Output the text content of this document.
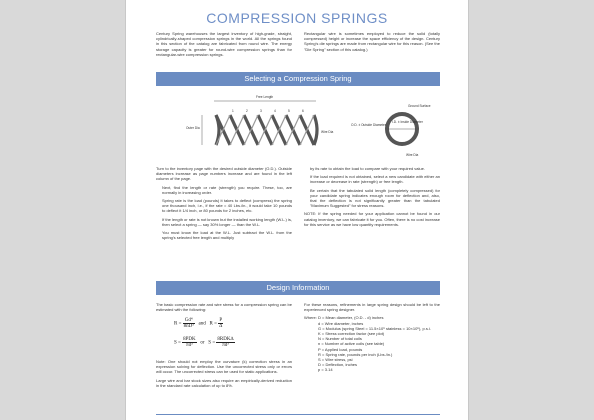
COMPRESSION SPRINGS

Century Spring warehouses the largest inventory of high-grade, straight, cylindrically-shaped compression springs in the world. All the springs found in this section of the catalog are fabricated from round wire. The energy storage capacity is greater for round-wire compression springs than for rectangular-wire compression springs.

Rectangular wire is sometimes employed to reduce the solid (totally compressed) height or increase the space efficiency of the design. Century Spring's die springs are made from rectangular wire for this reason. (See the "Die Spring" section of this catalog.)

Selecting a Compression Spring
Free Length
Outer Dia
1	2	3	4	5	6
Wire Dia
O.D. ± Outside Diameter
I.D. ± Inside Diameter
Ground Surface
Wire Dia

Turn to the inventory page with the desired outside diameter (O.D.). Outside diameters increase as page numbers increase and are found in the left column of the page.

Next, find the length or rate (strength) you require. These, too, are normally in increasing order.

Spring rate is the load (pounds) it takes to deflect (compress) the spring one thousand inch, i.e., if the rate = 40 Lbs./in., it would take 10 pounds to deflect it 1/4 inch, or 80 pounds for 2 inches, etc.

If the length or rate is not known but the installed working length (W.L.) is, then select a spring — say 30% longer — than the W.L.

You must know the load at the W.L. Just subtract the W.L. from the spring's selected free length and multiply

by its rate to obtain the load to compare with your required value.

If the load required is not obtained, select a new candidate with either an increase or decrease in rate (strength) or free length.

Be certain that the tabulated solid length (completely compressed) for your candidate spring indicates enough room for deflection and, also, that the deflection is not significantly greater than the tabulated "Maximum Suggested" for stress reasons.

NOTE: If the spring needed for your application cannot be found in our catalog inventory, we can fabricate it for you. Often, there is no cost increase for this service as we have low quantity requirements.

Design Information

The basic compression rate and wire stress for a compression spring can be estimated with the following:

$R = \frac{\text{Gd⁴}}{\text{8nD³}}$ and $R = \frac{P}{\Delta}$
$S = \frac{\text{8PDK}}{\text{πd³}}$ or $S = \frac{\text{8RDK∆}}{\text{πd³}}$

Note: One should not employ the curvature (k) correction stress in an expression solving for deflection. Use the uncorrected stress only or errors will occur. The uncorrected stress can be used for static applications.

Large wire and bar stock sizes also require an empirically-derived reduction in the standard rate calculation of up to 8%.

For these reasons, refinements in large spring design should be left to the experienced spring designer.

Where: D = Mean diameter, (O.D. - d) inches
d = Wire diameter, inches
G = Modulus (spring Steel = 11.5×10⁶ stainless = 10×10⁶), p.s.i.
K = Stress correction factor (see plot)
N = Number of total coils
n = Number of active coils (see table)
P = Applied load, pounds
R = Spring rate, pounds per inch (Lbs./in.)
S = Wire stress, psi
D = Deflection, inches
p = 3.14
